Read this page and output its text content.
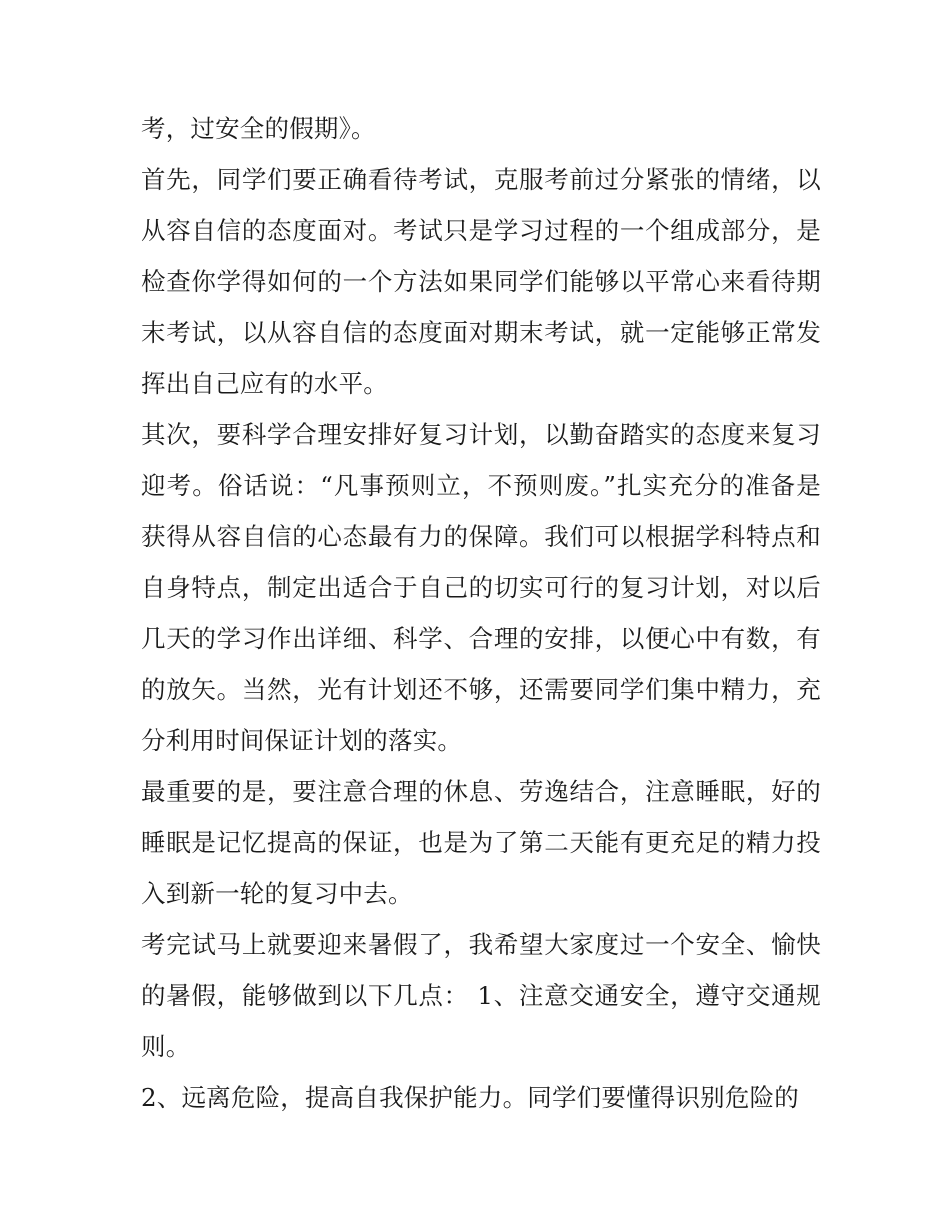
考，过安全的假期》。

首先，同学们要正确看待考试，克服考前过分紧张的情绪，以从容自信的态度面对。考试只是学习过程的一个组成部分，是检查你学得如何的一个方法如果同学们能够以平常心来看待期末考试，以从容自信的态度面对期末考试，就一定能够正常发挥出自己应有的水平。

其次，要科学合理安排好复习计划，以勤奋踏实的态度来复习迎考。俗话说：“凡事预则立，不预则废。”扎实充分的准备是获得从容自信的心态最有力的保障。我们可以根据学科特点和自身特点，制定出适合于自己的切实可行的复习计划，对以后几天的学习作出详细、科学、合理的安排，以便心中有数，有的放矢。当然，光有计划还不够，还需要同学们集中精力，充分利用时间保证计划的落实。

最重要的是，要注意合理的休息、劳逸结合，注意睡眠，好的睡眠是记忆提高的保证，也是为了第二天能有更充足的精力投入到新一轮的复习中去。

考完试马上就要迎来暑假了，我希望大家度过一个安全、愉快的暑假，能够做到以下几点： 1、注意交通安全，遵守交通规则。

2、远离危险，提高自我保护能力。同学们要懂得识别危险的
